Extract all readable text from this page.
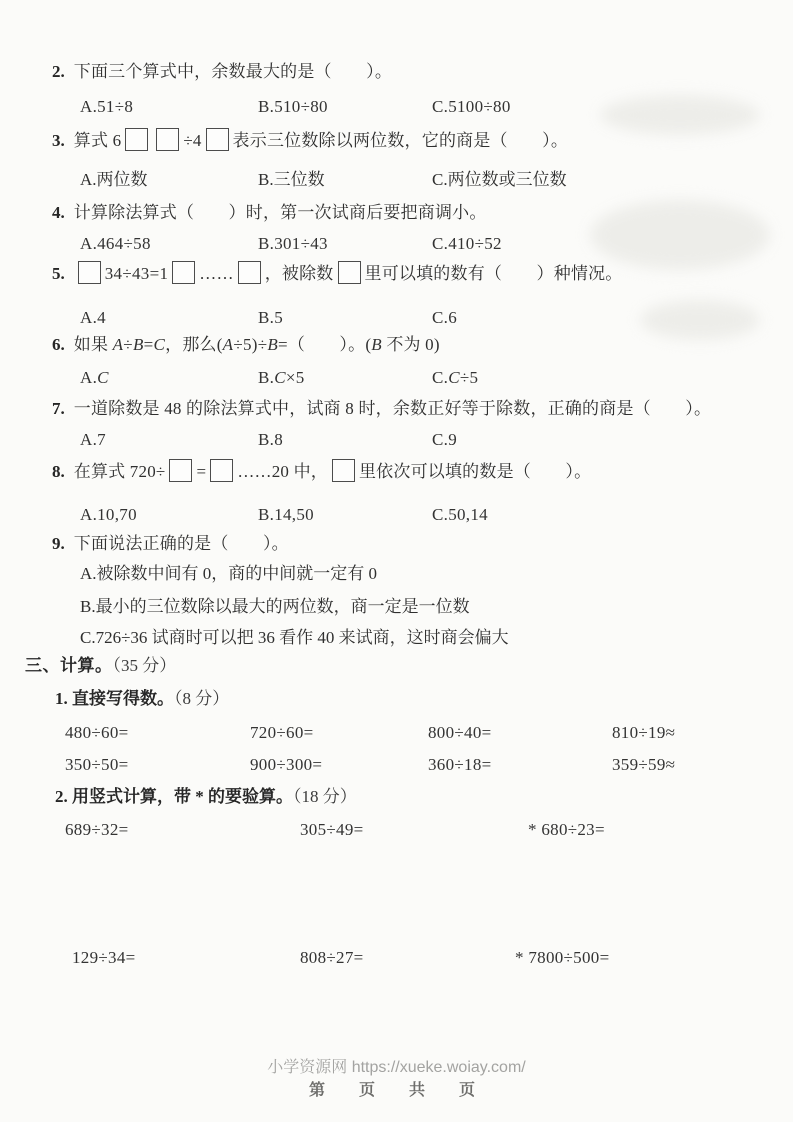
2. 下面三个算式中，余数最大的是（　　）。
A.51÷8	B.510÷80	C.5100÷80
3. 算式 6	÷4 表示三位数除以两位数，它的商是（　　）。
A.两位数	B.三位数	C.两位数或三位数
4. 计算除法算式（　　）时，第一次试商后要把商调小。
A.464÷58	B.301÷43	C.410÷52
5. 34÷43=1 …… ，被除数 里可以填的数有（　　）种情况。
A.4	B.5	C.6
6. 如果 A÷B=C，那么(A÷5)÷B=（　　）。(B 不为 0)
A.C	B.C×5	C.C÷5
7. 一道除数是 48 的除法算式中，试商 8 时，余数正好等于除数，正确的商是（　　）。
A.7	B.8	C.9
8. 在算式 720÷ = ……20 中， 里依次可以填的数是（　　）。
A.10,70	B.14,50	C.50,14
9. 下面说法正确的是（　　）。
A.被除数中间有 0，商的中间就一定有 0
B.最小的三位数除以最大的两位数，商一定是一位数
C.726÷36 试商时可以把 36 看作 40 来试商，这时商会偏大
三、计算。（35 分）
1. 直接写得数。（8 分）
480÷60=	720÷60=	800÷40=	810÷19≈
350÷50=	900÷300=	360÷18=	359÷59≈
2. 用竖式计算，带 * 的要验算。（18 分）
689÷32=	305÷49=	* 680÷23=
129÷34=	808÷27=	* 7800÷500=
小学资源网 https://xueke.woiay.com/
第　页　共　页
